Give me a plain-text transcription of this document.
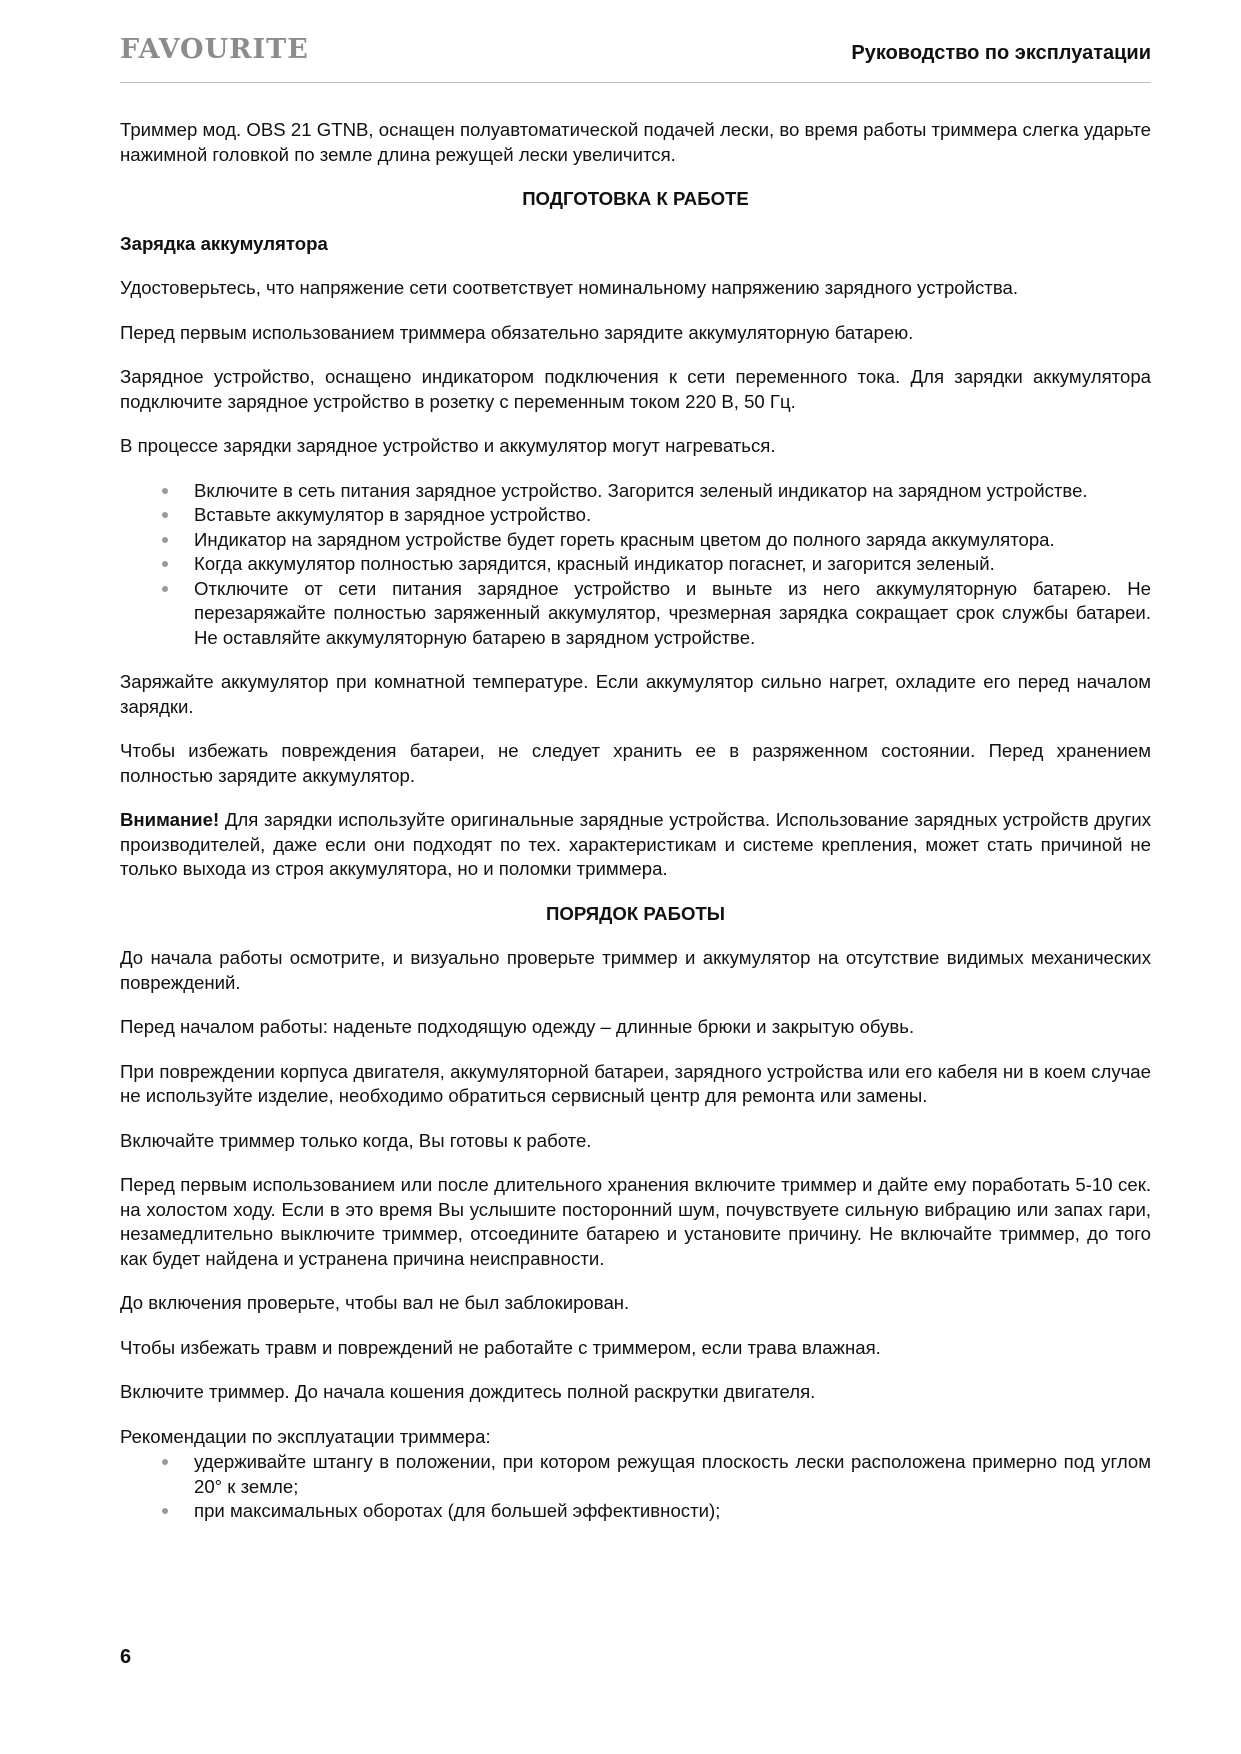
FAVOURITE	Руководство по эксплуатации

Триммер мод. OBS 21 GTNB, оснащен полуавтоматической подачей лески, во время работы триммера слегка ударьте нажимной головкой по земле длина режущей лески увеличится.

ПОДГОТОВКА К РАБОТЕ
Зарядка аккумулятора

Удостоверьтесь, что напряжение сети соответствует номинальному напряжению зарядного устройства.

Перед первым использованием триммера обязательно зарядите аккумуляторную батарею.

Зарядное устройство, оснащено индикатором подключения к сети переменного тока. Для зарядки аккумулятора подключите зарядное устройство в розетку с переменным током 220 В, 50 Гц.

В процессе зарядки зарядное устройство и аккумулятор могут нагреваться.

Включите в сеть питания зарядное устройство. Загорится зеленый индикатор на зарядном устройстве.
Вставьте аккумулятор в зарядное устройство.
Индикатор на зарядном устройстве будет гореть красным цветом до полного заряда аккумулятора.
Когда аккумулятор полностью зарядится, красный индикатор погаснет, и загорится зеленый.
Отключите от сети питания зарядное устройство и выньте из него аккумуляторную батарею. Не перезаряжайте полностью заряженный аккумулятор, чрезмерная зарядка сокращает срок службы батареи. Не оставляйте аккумуляторную батарею в зарядном устройстве.

Заряжайте аккумулятор при комнатной температуре. Если аккумулятор сильно нагрет, охладите его перед началом зарядки.

Чтобы избежать повреждения батареи, не следует хранить ее в разряженном состоянии. Перед хранением полностью зарядите аккумулятор.

Внимание! Для зарядки используйте оригинальные зарядные устройства. Использование зарядных устройств других производителей, даже если они подходят по тех. характеристикам и системе крепления, может стать причиной не только выхода из строя аккумулятора, но и поломки триммера.

ПОРЯДОК РАБОТЫ

До начала работы осмотрите, и визуально проверьте триммер и аккумулятор на отсутствие видимых механических повреждений.

Перед началом работы: наденьте подходящую одежду – длинные брюки и закрытую обувь.

При повреждении корпуса двигателя, аккумуляторной батареи, зарядного устройства или его кабеля ни в коем случае не используйте изделие, необходимо обратиться сервисный центр для ремонта или замены.

Включайте триммер только когда, Вы готовы к работе.

Перед первым использованием или после длительного хранения включите триммер и дайте ему поработать 5-10 сек. на холостом ходу. Если в это время Вы услышите посторонний шум, почувствуете сильную вибрацию или запах гари, незамедлительно выключите триммер, отсоедините батарею и установите причину. Не включайте триммер, до того как будет найдена и устранена причина неисправности.

До включения проверьте, чтобы вал не был заблокирован.

Чтобы избежать травм и повреждений не работайте с триммером, если трава влажная.

Включите триммер. До начала кошения дождитесь полной раскрутки двигателя.

Рекомендации по эксплуатации триммера:

удерживайте штангу в положении, при котором режущая плоскость лески расположена примерно под углом 20° к земле;
при максимальных оборотах (для большей эффективности);
6
